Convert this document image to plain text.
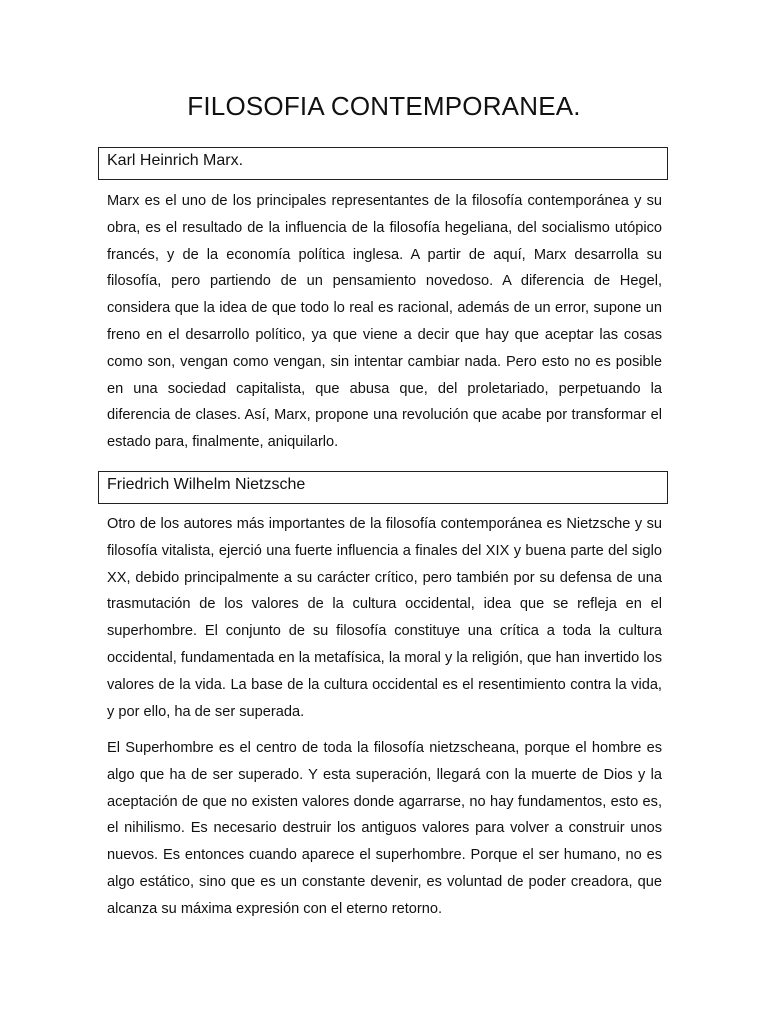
FILOSOFIA CONTEMPORANEA.
Karl Heinrich Marx.

Marx es el uno de los principales representantes de la filosofía contemporánea y su obra, es el resultado de la influencia de la filosofía hegeliana, del socialismo utópico francés, y de la economía política inglesa. A partir de aquí, Marx desarrolla su filosofía, pero partiendo de un pensamiento novedoso. A diferencia de Hegel, considera que la idea de que todo lo real es racional, además de un error, supone un freno en el desarrollo político, ya que viene a decir que hay que aceptar las cosas como son, vengan como vengan, sin intentar cambiar nada. Pero esto no es posible en una sociedad capitalista, que abusa que, del proletariado, perpetuando la diferencia de clases. Así, Marx, propone una revolución que acabe por transformar el estado para, finalmente, aniquilarlo.

Friedrich Wilhelm Nietzsche

Otro de los autores más importantes de la filosofía contemporánea es Nietzsche y su filosofía vitalista, ejerció una fuerte influencia a finales del XIX y buena parte del siglo XX, debido principalmente a su carácter crítico, pero también por su defensa de una trasmutación de los valores de la cultura occidental, idea que se refleja en el superhombre. El conjunto de su filosofía constituye una crítica a toda la cultura occidental, fundamentada en la metafísica, la moral y la religión, que han invertido los valores de la vida. La base de la cultura occidental es el resentimiento contra la vida, y por ello, ha de ser superada.

El Superhombre es el centro de toda la filosofía nietzscheana, porque el hombre es algo que ha de ser superado. Y esta superación, llegará con la muerte de Dios y la aceptación de que no existen valores donde agarrarse, no hay fundamentos, esto es, el nihilismo. Es necesario destruir los antiguos valores para volver a construir unos nuevos. Es entonces cuando aparece el superhombre. Porque el ser humano, no es algo estático, sino que es un constante devenir, es voluntad de poder creadora, que alcanza su máxima expresión con el eterno retorno.
